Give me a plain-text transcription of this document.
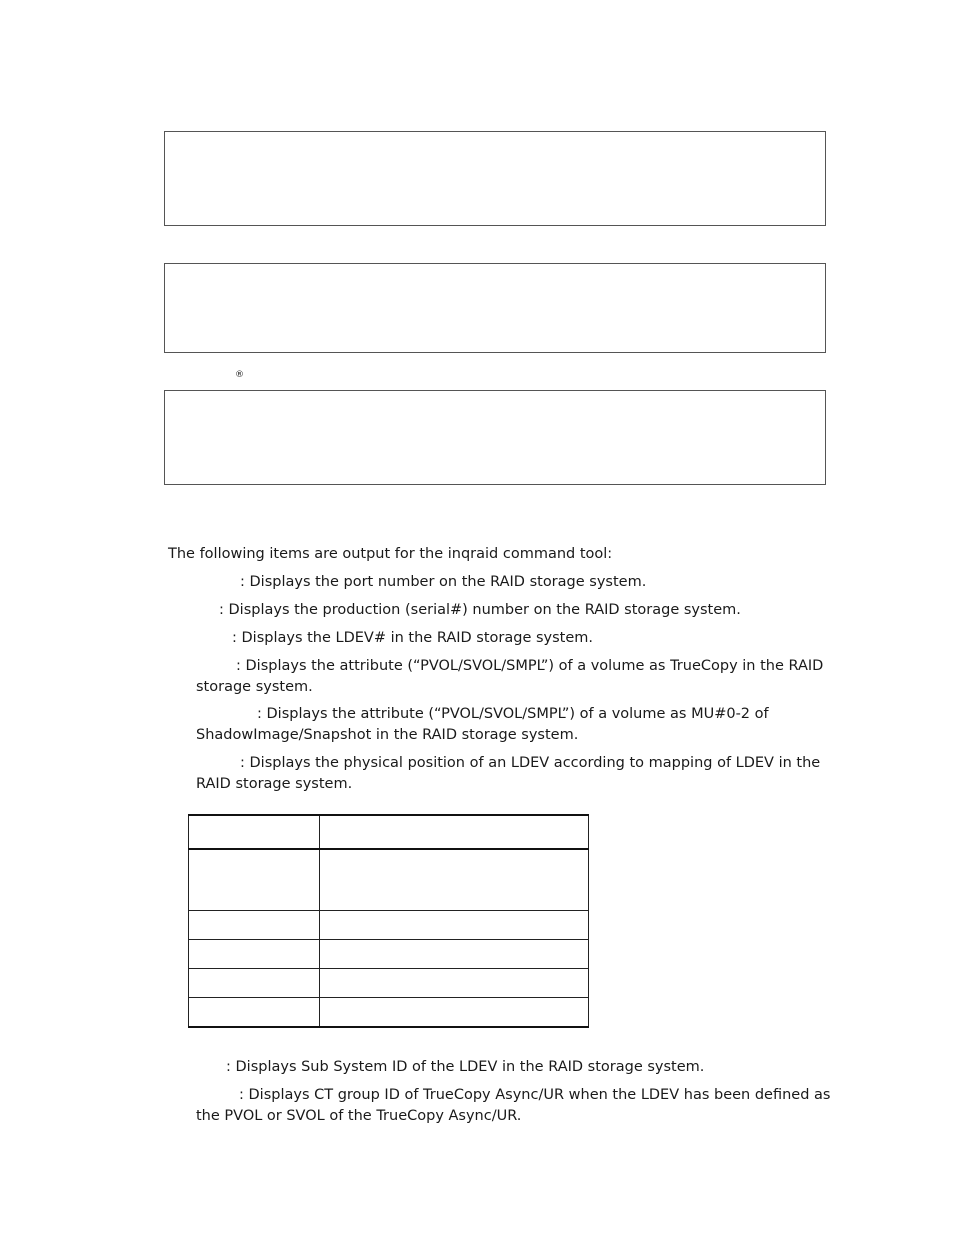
®
The following items are output for the inqraid command tool:
: Displays the port number on the RAID storage system.
: Displays the production (serial#) number on the RAID storage system.
: Displays the LDEV# in the RAID storage system.
: Displays the attribute (“PVOL/SVOL/SMPL”) of a volume as TrueCopy in the RAID
storage system.
: Displays the attribute (“PVOL/SVOL/SMPL”) of a volume as MU#0-2 of
ShadowImage/Snapshot in the RAID storage system.
: Displays the physical position of an LDEV according to mapping of LDEV in the
RAID storage system.

: Displays Sub System ID of the LDEV in the RAID storage system.
: Displays CT group ID of TrueCopy Async/UR when the LDEV has been defined as
the PVOL or SVOL of the TrueCopy Async/UR.
